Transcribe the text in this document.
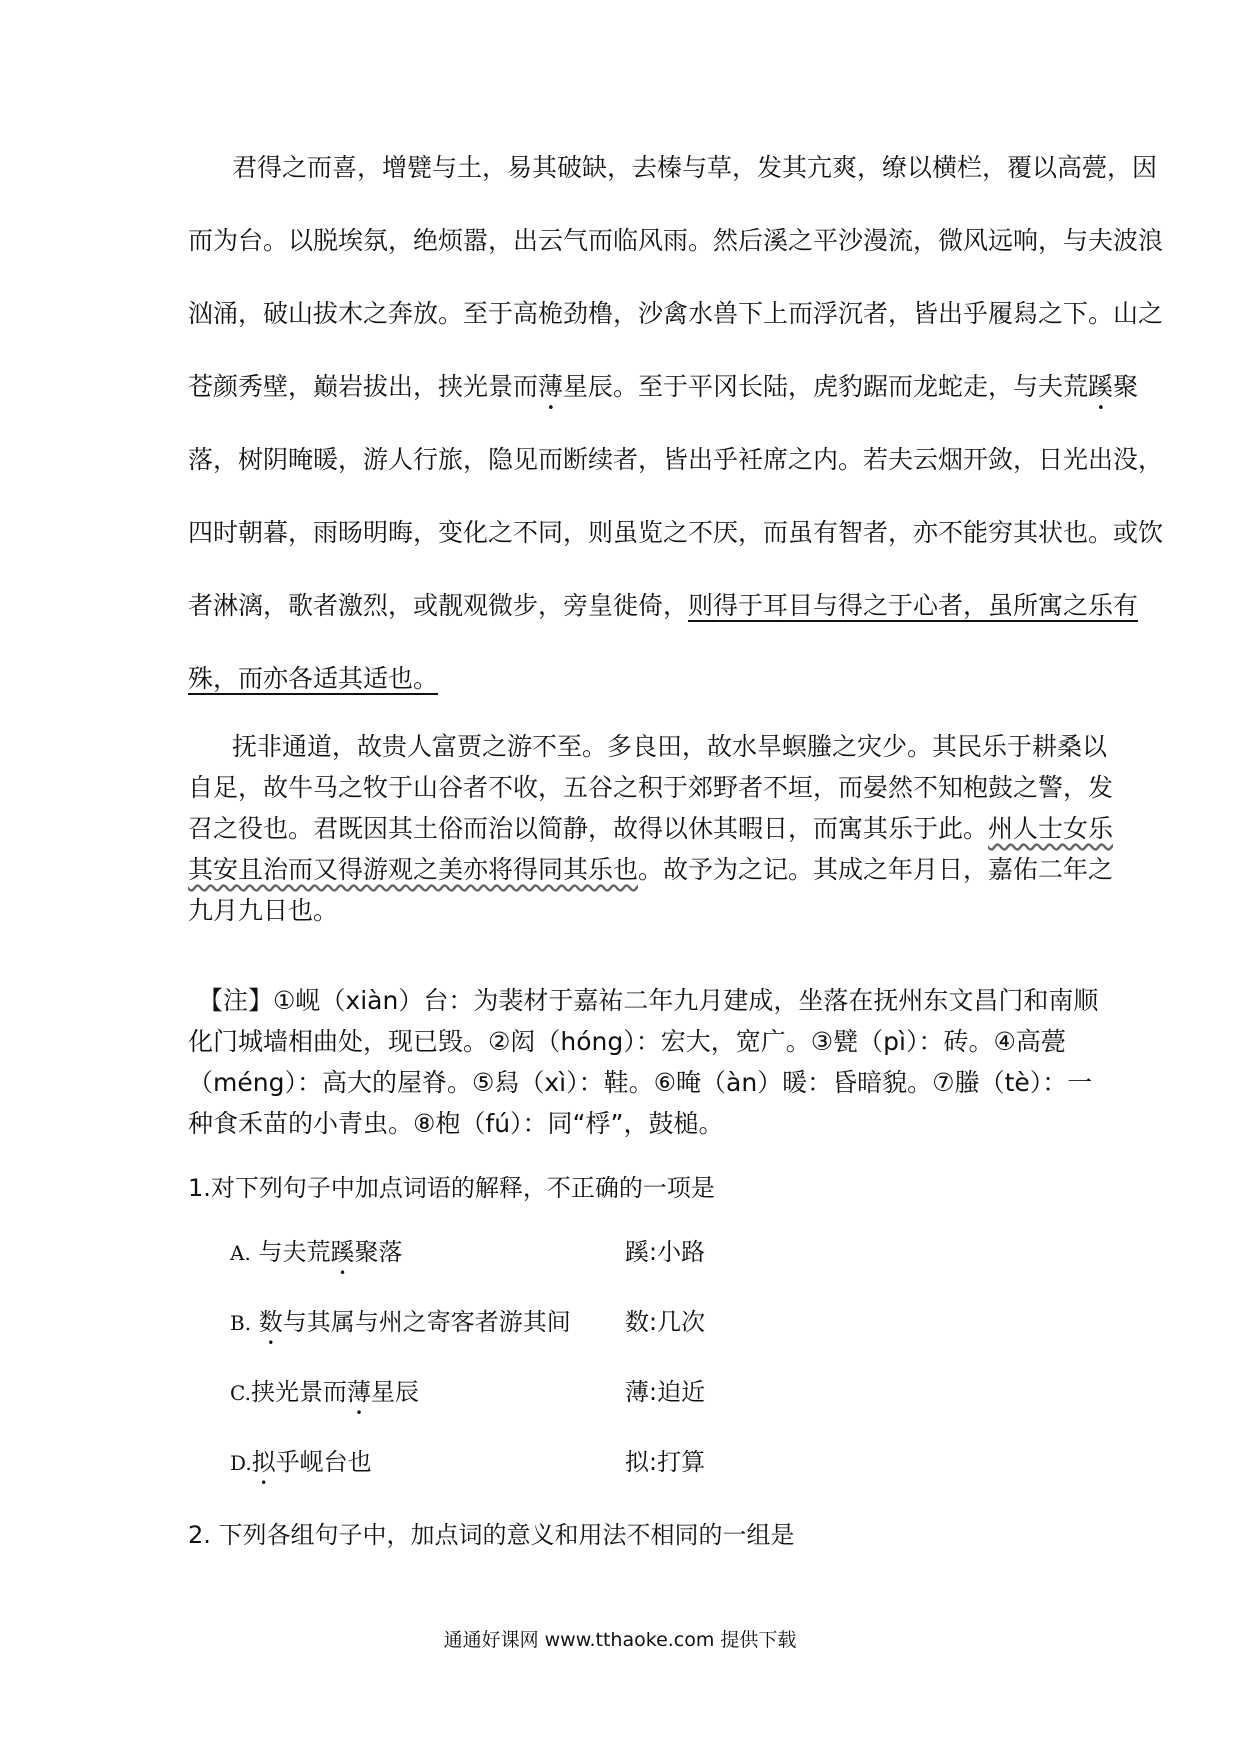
君得之而喜，增甓与土，易其破缺，去榛与草，发其亢爽，缭以横栏，覆以高甍，因
而为台。以脱埃氛，绝烦嚣，出云气而临风雨。然后溪之平沙漫流，微风远响，与夫波浪
汹涌，破山拔木之奔放。至于高桅劲橹，沙禽水兽下上而浮沉者，皆出乎履舄之下。山之
苍颜秀壁，巅岩拔出，挟光景而薄星辰。至于平冈长陆，虎豹踞而龙蛇走，与夫荒蹊聚
落，树阴晻暖，游人行旅，隐见而断续者，皆出乎衽席之内。若夫云烟开敛，日光出没，
四时朝暮，雨旸明晦，变化之不同，则虽览之不厌，而虽有智者，亦不能穷其状也。或饮
者淋漓，歌者激烈，或靓观微步，旁皇徙倚，则得于耳目与得之于心者，虽所寓之乐有
殊，而亦各适其适也。
抚非通道，故贵人富贾之游不至。多良田，故水旱螟螣之灾少。其民乐于耕桑以
自足，故牛马之牧于山谷者不收，五谷之积于郊野者不垣，而晏然不知枹鼓之警，发
召之役也。君既因其土俗而治以简静，故得以休其暇日，而寓其乐于此。州人士女乐
其安且治而又得游观之美亦将得同其乐也。故予为之记。其成之年月日，嘉佑二年之
九月九日也。
【注】①岘（xiàn）台：为裴材于嘉祐二年九月建成，坐落在抚州东文昌门和南顺
化门城墙相曲处，现已毁。②闳（hóng）：宏大，宽广。③甓（pì）：砖。④高甍
（méng）：高大的屋脊。⑤舄（xì）：鞋。⑥晻（àn）暖：昏暗貌。⑦螣（tè）：一
种食禾苗的小青虫。⑧枹（fú）：同“桴”，鼓槌。
1.对下列句子中加点词语的解释，不正确的一项是
A. 与夫荒蹊聚落	蹊:小路
B. 数与其属与州之寄客者游其间 数:几次
C.挟光景而薄星辰	薄:迫近
D.拟乎岘台也	拟:打算
2. 下列各组句子中，加点词的意义和用法不相同的一组是
通通好课网 www.tthaoke.com 提供下载
